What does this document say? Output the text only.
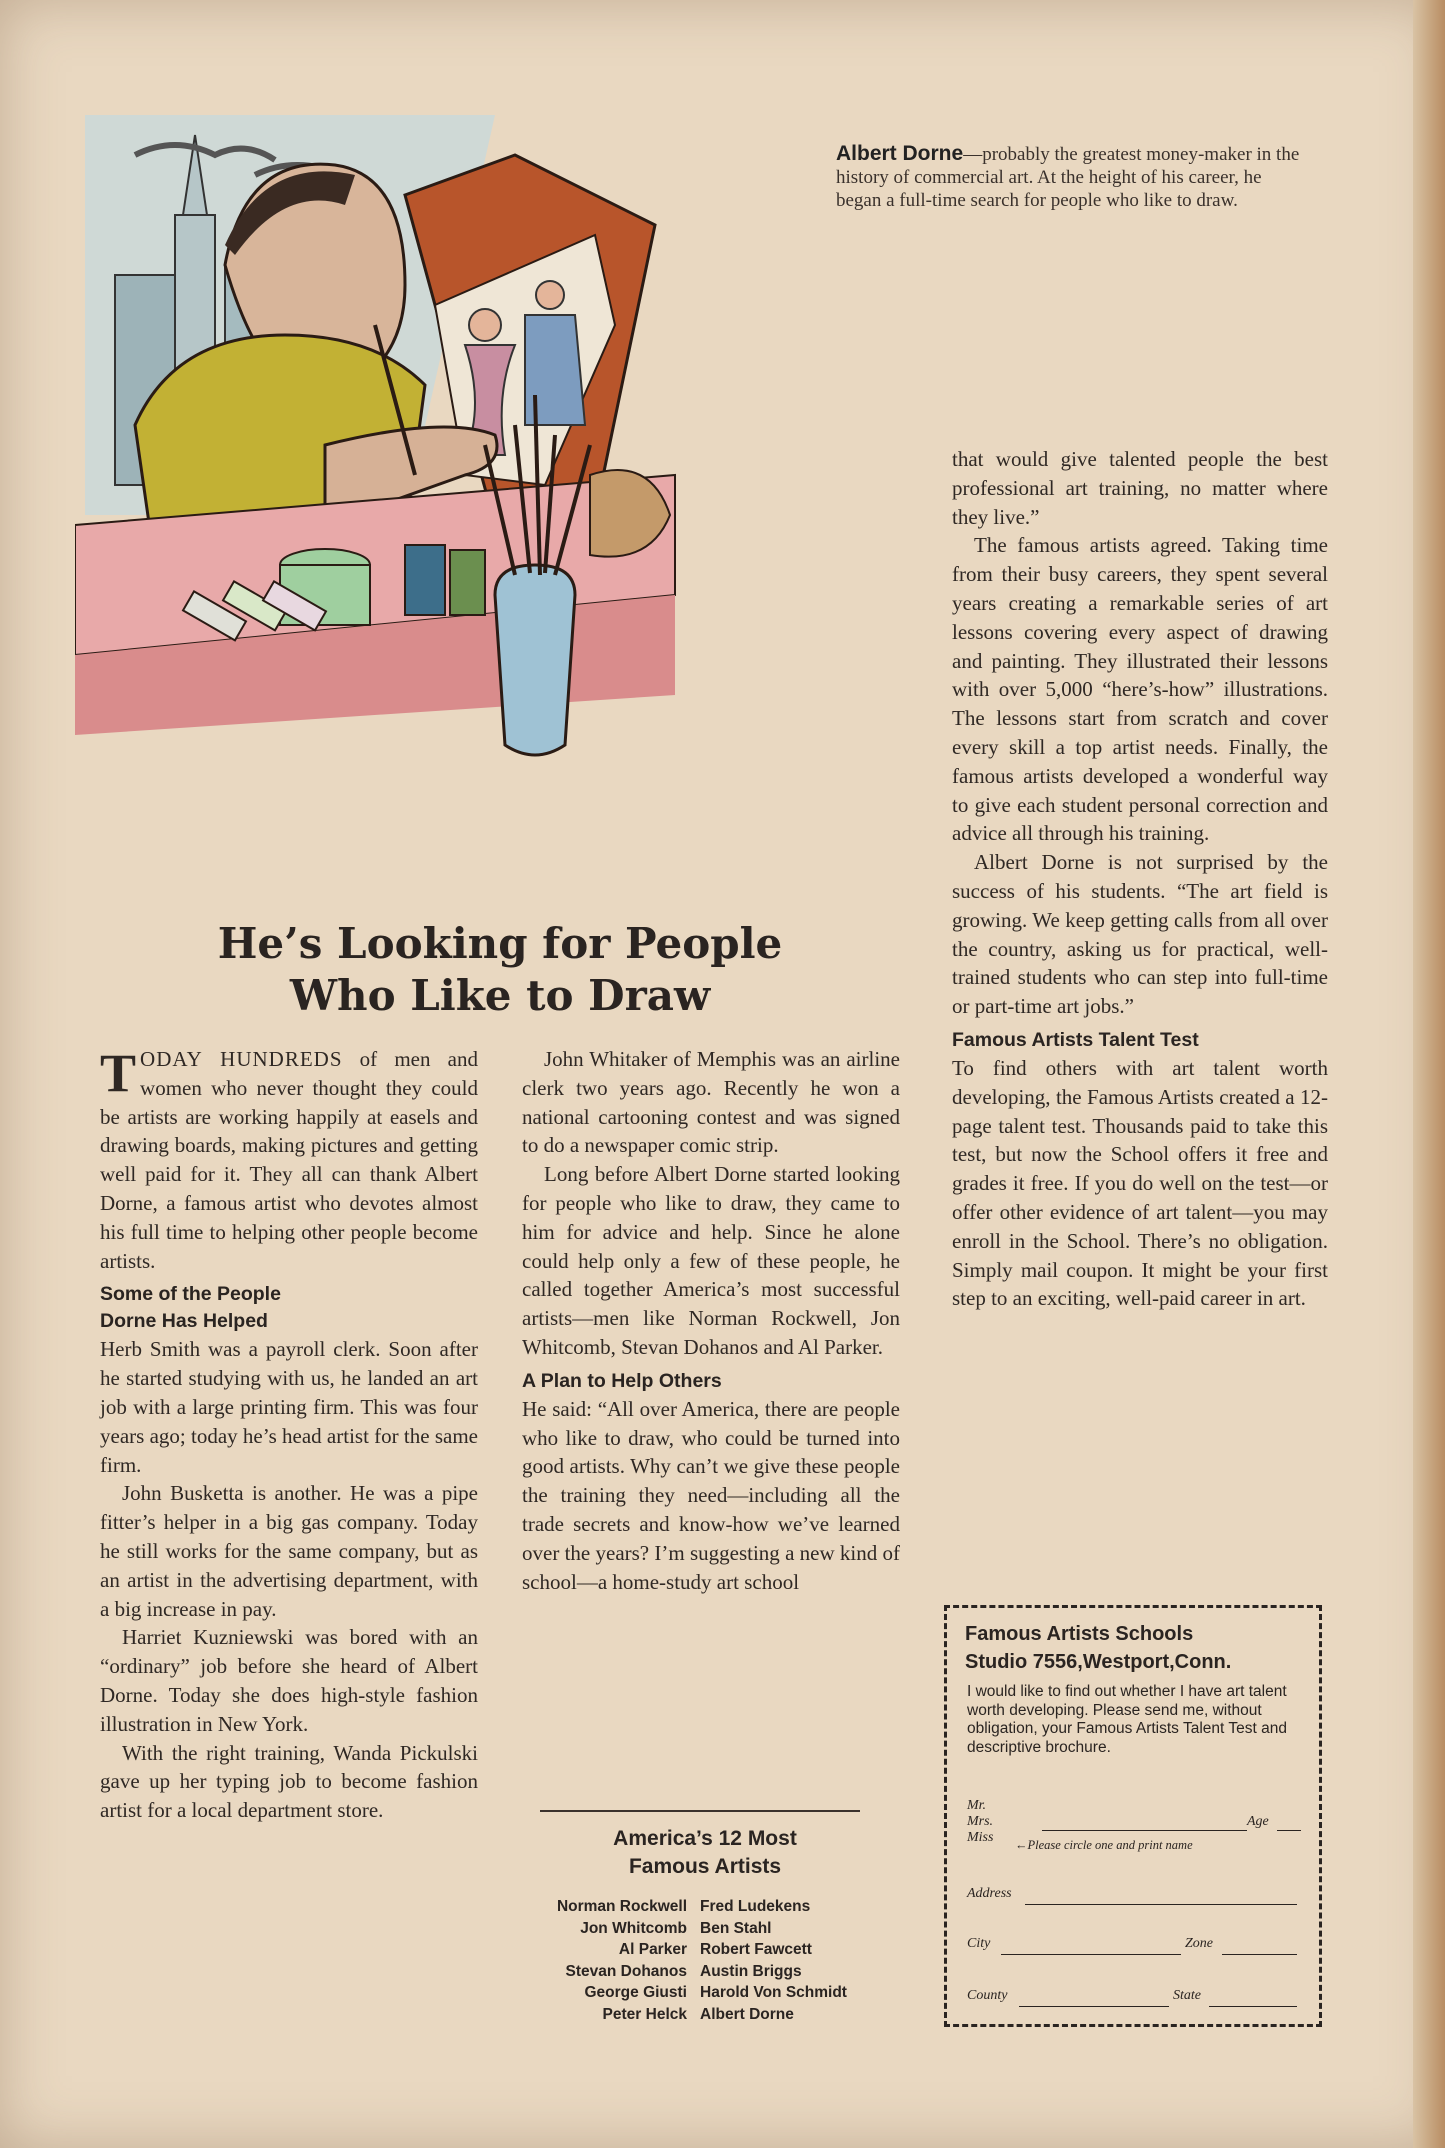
Albert Dorne—probably the greatest money-maker in the history of commercial art. At the height of his career, he began a full-time search for people who like to draw.
He’s Looking for People
Who Like to Draw

TODAY HUNDREDS of men and women who never thought they could be artists are working happily at easels and drawing boards, making pictures and getting well paid for it. They all can thank Albert Dorne, a famous artist who devotes almost his full time to helping other people become artists.

Some of the People
Dorne Has Helped

Herb Smith was a payroll clerk. Soon after he started studying with us, he landed an art job with a large printing firm. This was four years ago; today he’s head artist for the same firm.

John Busketta is another. He was a pipe fitter’s helper in a big gas company. Today he still works for the same company, but as an artist in the advertising department, with a big increase in pay.

Harriet Kuzniewski was bored with an “ordinary” job before she heard of Albert Dorne. Today she does high-style fashion illustration in New York.

With the right training, Wanda Pickulski gave up her typing job to become fashion artist for a local department store.

John Whitaker of Memphis was an airline clerk two years ago. Recently he won a national cartooning contest and was signed to do a newspaper comic strip.

Long before Albert Dorne started looking for people who like to draw, they came to him for advice and help. Since he alone could help only a few of these people, he called together America’s most successful artists—men like Norman Rockwell, Jon Whitcomb, Stevan Dohanos and Al Parker.

A Plan to Help Others

He said: “All over America, there are people who like to draw, who could be turned into good artists. Why can’t we give these people the training they need—including all the trade secrets and know-how we’ve learned over the years? I’m suggesting a new kind of school—a home-study art school

that would give talented people the best professional art training, no matter where they live.”

The famous artists agreed. Taking time from their busy careers, they spent several years creating a remarkable series of art lessons covering every aspect of drawing and painting. They illustrated their lessons with over 5,000 “here’s-how” illustrations. The lessons start from scratch and cover every skill a top artist needs. Finally, the famous artists developed a wonderful way to give each student personal correction and advice all through his training.

Albert Dorne is not surprised by the success of his students. “The art field is growing. We keep getting calls from all over the country, asking us for practical, well-trained students who can step into full-time or part-time art jobs.”

Famous Artists Talent Test

To find others with art talent worth developing, the Famous Artists created a 12-page talent test. Thousands paid to take this test, but now the School offers it free and grades it free. If you do well on the test—or offer other evidence of art talent—you may enroll in the School. There’s no obligation. Simply mail coupon. It might be your first step to an exciting, well-paid career in art.

America’s 12 Most
Famous Artists
Norman Rockwell
Jon Whitcomb
Al Parker
Stevan Dohanos
George Giusti
Peter Helck
Fred Ludekens
Ben Stahl
Robert Fawcett
Austin Briggs
Harold Von Schmidt
Albert Dorne
Famous Artists Schools
Studio 7556,Westport,Conn.
I would like to find out whether I have art talent worth developing. Please send me, without obligation, your Famous Artists Talent Test and descriptive brochure.
Mr.
Mrs.
Miss
Age
←Please circle one and print name
Address
City	Zone
County	State
